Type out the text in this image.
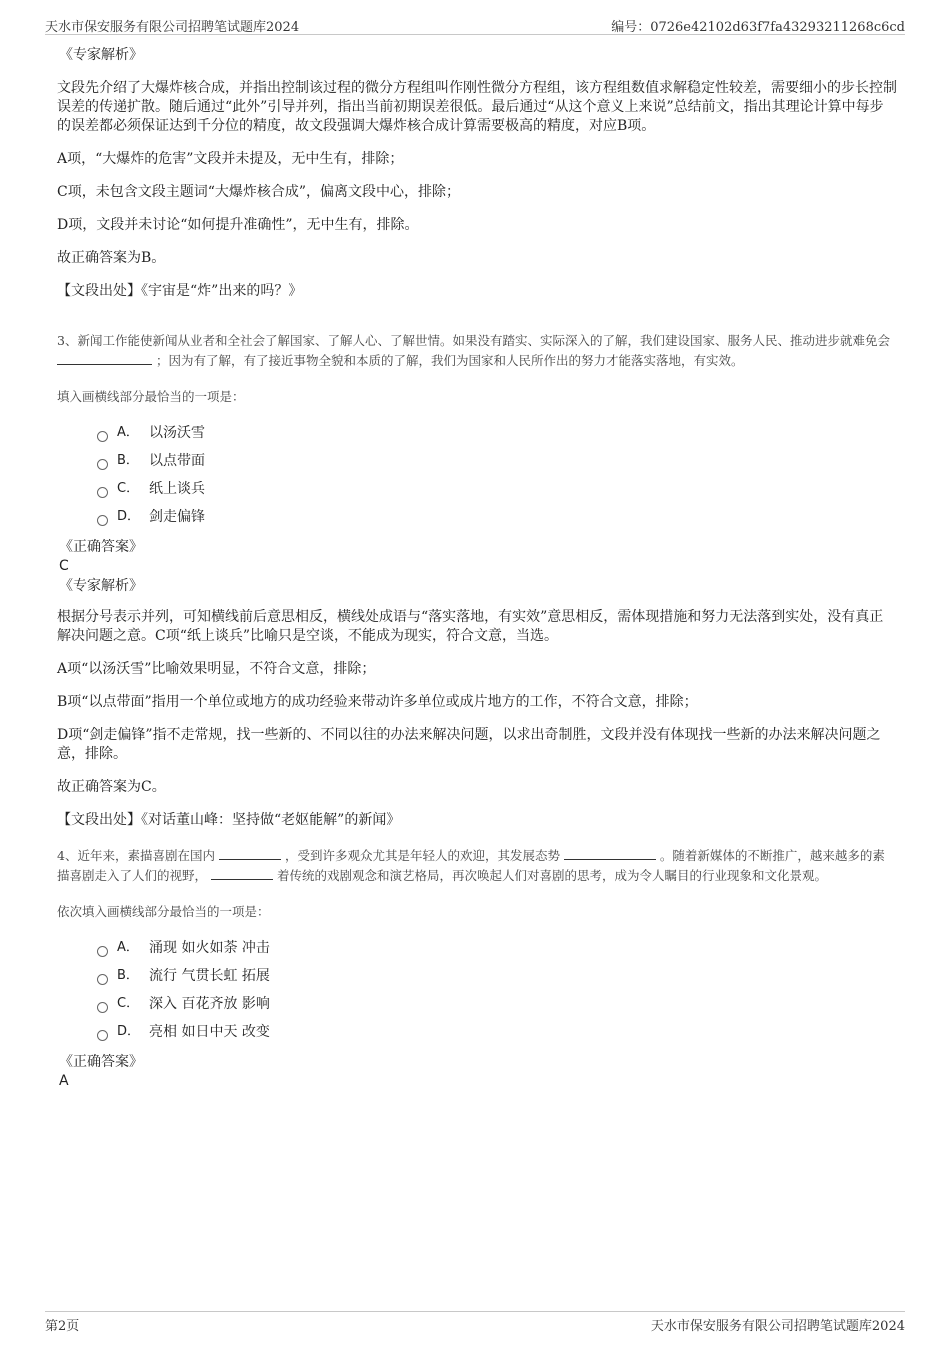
天水市保安服务有限公司招聘笔试题库2024	编号：0726e42102d63f7fa43293211268c6cd
《专家解析》

文段先介绍了大爆炸核合成，并指出控制该过程的微分方程组叫作刚性微分方程组，该方程组数值求解稳定性较差，需要细小的步长控制误差的传递扩散。随后通过“此外”引导并列，指出当前初期误差很低。最后通过“从这个意义上来说”总结前文，指出其理论计算中每步的误差都必须保证达到千分位的精度，故文段强调大爆炸核合成计算需要极高的精度，对应B项。

A项，“大爆炸的危害”文段并未提及，无中生有，排除；

C项，未包含文段主题词“大爆炸核合成”，偏离文段中心，排除；

D项，文段并未讨论“如何提升准确性”，无中生有，排除。

故正确答案为B。

【文段出处】《宇宙是“炸”出来的吗？》

3、新闻工作能使新闻从业者和全社会了解国家、了解人心、了解世情。如果没有踏实、实际深入的了解，我们建设国家、服务人民、推动进步就难免会  ；因为有了解，有了接近事物全貌和本质的了解，我们为国家和人民所作出的努力才能落实落地，有实效。

填入画横线部分最恰当的一项是：

A． 以汤沃雪
B． 以点带面
C． 纸上谈兵
D． 剑走偏锋
《正确答案》
C
《专家解析》

根据分号表示并列，可知横线前后意思相反，横线处成语与“落实落地，有实效”意思相反，需体现措施和努力无法落到实处，没有真正解决问题之意。C项“纸上谈兵”比喻只是空谈，不能成为现实，符合文意，当选。

A项“以汤沃雪”比喻效果明显，不符合文意，排除；

B项“以点带面”指用一个单位或地方的成功经验来带动许多单位或成片地方的工作，不符合文意，排除；

D项“剑走偏锋”指不走常规，找一些新的、不同以往的办法来解决问题，以求出奇制胜，文段并没有体现找一些新的办法来解决问题之意，排除。

故正确答案为C。

【文段出处】《对话董山峰：坚持做“老妪能解”的新闻》

4、近年来，素描喜剧在国内	，受到许多观众尤其是年轻人的欢迎，其发展态势	。随着新媒体的不断推广，越来越多的素描喜剧走入了人们的视野，	着传统的戏剧观念和演艺格局，再次唤起人们对喜剧的思考，成为令人瞩目的行业现象和文化景观。

依次填入画横线部分最恰当的一项是：

A． 涌现 如火如荼 冲击
B． 流行 气贯长虹 拓展
C． 深入 百花齐放 影响
D． 亮相 如日中天 改变
《正确答案》
A
第2页	天水市保安服务有限公司招聘笔试题库2024
